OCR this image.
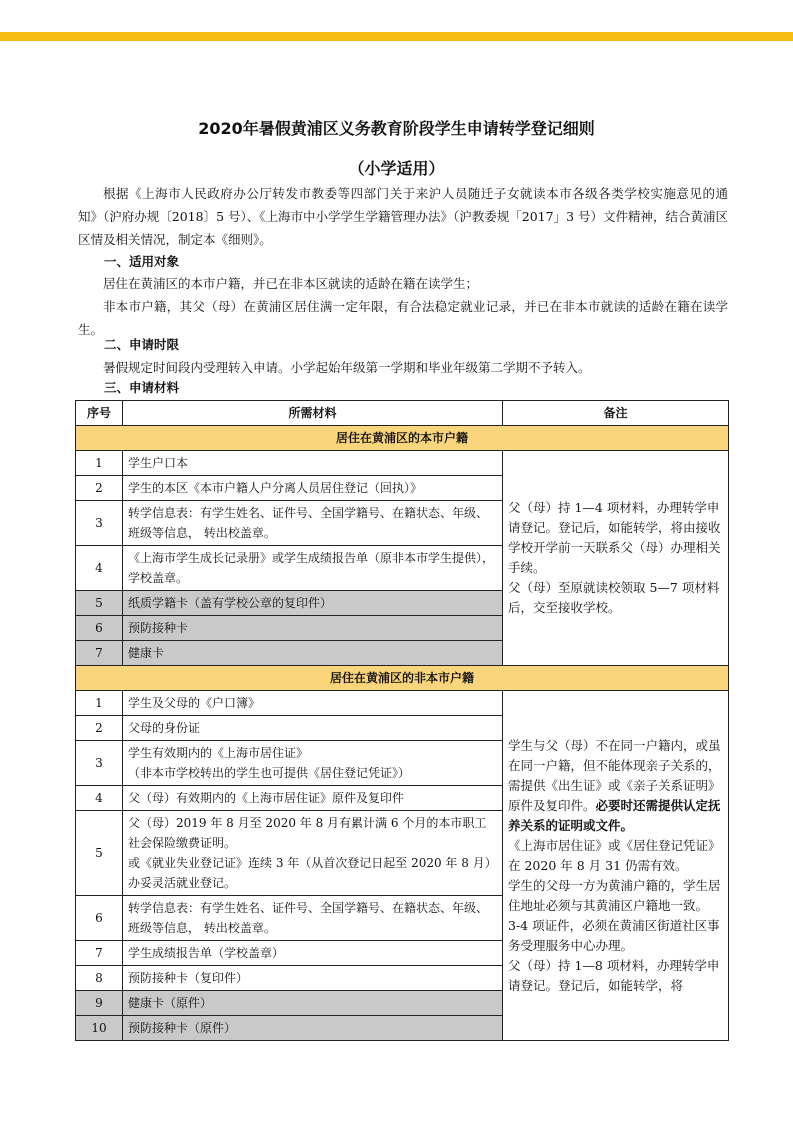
2020年暑假黄浦区义务教育阶段学生申请转学登记细则
（小学适用）
根据《上海市人民政府办公厅转发市教委等四部门关于来沪人员随迁子女就读本市各级各类学校实施意见的通知》（沪府办规〔2018〕5 号）、《上海市中小学学生学籍管理办法》（沪教委规「2017」3 号）文件精神，结合黄浦区区情及相关情况，制定本《细则》。
一、适用对象
居住在黄浦区的本市户籍，并已在非本区就读的适龄在籍在读学生；
非本市户籍，其父（母）在黄浦区居住满一定年限，有合法稳定就业记录，并已在非本市就读的适龄在籍在读学生。
二、申请时限
暑假规定时间段内受理转入申请。小学起始年级第一学期和毕业年级第二学期不予转入。
三、申请材料
序号	所需材料	备注
居住在黄浦区的本市户籍		
1	学生户口本	父（母）持 1—4 项材料，办理转学申请登记。登记后，如能转学，将由接收学校开学前一天联系父（母）办理相关手续。

父（母）至原就读校领取 5—7 项材料后，交至接收学校。

2	学生的本区《本市户籍人户分离人员居住登记（回执）》	
3	转学信息表：有学生姓名、证件号、全国学籍号、在籍状态、年级、班级等信息， 转出校盖章。	
4	《上海市学生成长记录册》或学生成绩报告单（原非本市学生提供），学校盖章。	
5	纸质学籍卡（盖有学校公章的复印件）	
6	预防接种卡	
7	健康卡	
居住在黄浦区的非本市户籍		
1	学生及父母的《户口簿》	学生与父（母）不在同一户籍内，或虽在同一户籍，但不能体现亲子关系的，需提供《出生证》或《亲子关系证明》原件及复印件。必要时还需提供认定抚养关系的证明或文件。

《上海市居住证》或《居住登记凭证》在 2020 年 8 月 31 仍需有效。

学生的父母一方为黄浦户籍的，学生居住地址必须与其黄浦区户籍地一致。

3-4 项证件，必须在黄浦区街道社区事务受理服务中心办理。

父（母）持 1—8 项材料，办理转学申请登记。登记后，如能转学，将

2	父母的身份证	
3	学生有效期内的《上海市居住证》
（非本市学校转出的学生也可提供《居住登记凭证》）	

4	父（母）有效期内的《上海市居住证》原件及复印件	
5	父（母）2019 年 8 月至 2020 年 8 月有累计满 6 个月的本市职工社会保险缴费证明。
或《就业失业登记证》连续 3 年（从首次登记日起至 2020 年 8 月）办妥灵活就业登记。	

6	转学信息表：有学生姓名、证件号、全国学籍号、在籍状态、年级、班级等信息， 转出校盖章。	
7	学生成绩报告单（学校盖章）	
8	预防接种卡（复印件）	
9	健康卡（原件）	
10	预防接种卡（原件）	
